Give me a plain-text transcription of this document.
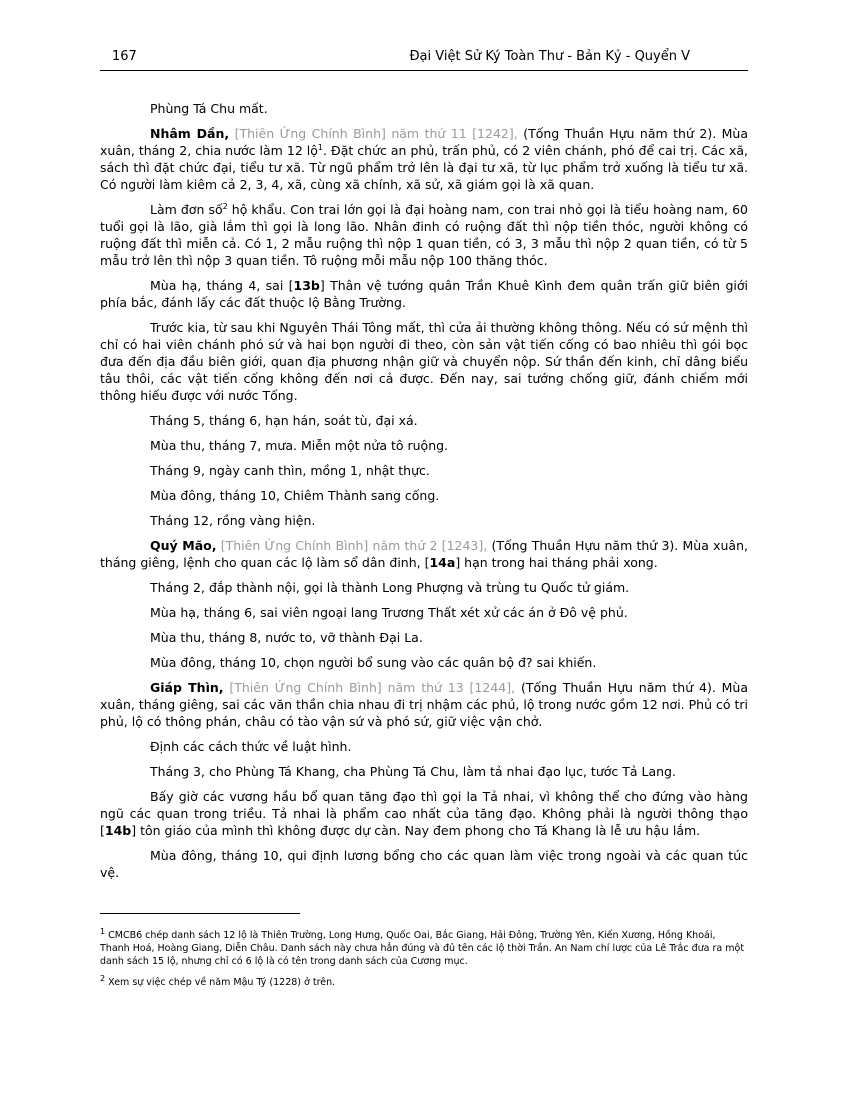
167	Đại Việt Sử Ký Toàn Thư - Bản Kỷ - Quyển V

Phùng Tá Chu mất.

Nhâm Dần, [Thiên Ứng Chính Bình] năm thứ 11 [1242], (Tống Thuần Hựu năm thứ 2). Mùa xuân, tháng 2, chia nước làm 12 lộ$^1$. Đặt chức an phủ, trấn phủ, có 2 viên chánh, phó để cai trị. Các xã, sách thì đặt chức đại, tiểu tư xã. Từ ngũ phẩm trở lên là đại tư xã, từ lục phẩm trở xuống là tiểu tư xã. Có người làm kiêm cả 2, 3, 4, xã, cùng xã chính, xã sử, xã giám gọi là xã quan.

Làm đơn số$^2$ hộ khẩu. Con trai lớn gọi là đại hoàng nam, con trai nhỏ gọi là tiểu hoàng nam, 60 tuổi gọi là lão, già lắm thì gọi là long lão. Nhân đinh có ruộng đất thì nộp tiền thóc, người không có ruộng đất thì miễn cả. Có 1, 2 mẫu ruộng thì nộp 1 quan tiền, có 3, 3 mẫu thì nộp 2 quan tiền, có từ 5 mẫu trở lên thì nộp 3 quan tiền. Tô ruộng mỗi mẫu nộp 100 thăng thóc.

Mùa hạ, tháng 4, sai [13b] Thân vệ tướng quân Trần Khuê Kình đem quân trấn giữ biên giới phía bắc, đánh lấy các đất thuộc lộ Bằng Trường.

Trước kia, từ sau khi Nguyên Thái Tông mất, thì cửa ải thường không thông. Nếu có sứ mệnh thì chỉ có hai viên chánh phó sứ và hai bọn người đi theo, còn sản vật tiến cống có bao nhiêu thì gói bọc đưa đến địa đầu biên giới, quan địa phương nhận giữ và chuyển nộp. Sứ thần đến kinh, chỉ dâng biểu tâu thôi, các vật tiến cống không đến nơi cả được. Đến nay, sai tướng chống giữ, đánh chiếm mới thông hiếu được với nước Tống.

Tháng 5, tháng 6, hạn hán, soát tù, đại xá.

Mùa thu, tháng 7, mưa. Miễn một nửa tô ruộng.

Tháng 9, ngày canh thìn, mồng 1, nhật thực.

Mùa đông, tháng 10, Chiêm Thành sang cống.

Tháng 12, rồng vàng hiện.

Quý Mão, [Thiên Ứng Chính Bình] năm thứ 2 [1243], (Tống Thuần Hựu năm thứ 3). Mùa xuân, tháng giêng, lệnh cho quan các lộ làm sổ dân đinh, [14a] hạn trong hai tháng phải xong.

Tháng 2, đắp thành nội, gọi là thành Long Phượng và trùng tu Quốc tử giám.

Mùa hạ, tháng 6, sai viên ngoại lang Trương Thất xét xử các án ở Đô vệ phủ.

Mùa thu, tháng 8, nước to, vỡ thành Đại La.

Mùa đông, tháng 10, chọn người bổ sung vào các quân bộ đ? sai khiến.

Giáp Thìn, [Thiên Ứng Chính Bình] năm thứ 13 [1244], (Tống Thuần Hựu năm thứ 4). Mùa xuân, tháng giêng, sai các văn thần chia nhau đi trị nhậm các phủ, lộ trong nước gồm 12 nơi. Phủ có tri phủ, lộ có thông phán, châu có tào vận sứ và phó sứ, giữ việc vận chở.

Định các cách thức về luật hình.

Tháng 3, cho Phùng Tá Khang, cha Phùng Tá Chu, làm tả nhai đạo lục, tước Tả Lang.

Bấy giờ các vương hầu bổ quan tăng đạo thì gọi la Tả nhai, vì không thể cho đứng vào hàng ngũ các quan trong triều. Tả nhai là phẩm cao nhất của tăng đạo. Không phải là người thông thạo [14b] tôn giáo của mình thì không được dự càn. Nay đem phong cho Tá Khang là lễ ưu hậu lắm.

Mùa đông, tháng 10, qui định lương bổng cho các quan làm việc trong ngoài và các quan túc vệ.

$^1$ CMCB6 chép danh sách 12 lộ là Thiên Trường, Long Hưng, Quốc Oai, Bắc Giang, Hải Đông, Trường Yên, Kiến Xương, Hồng Khoái, Thanh Hoá, Hoàng Giang, Diễn Châu. Danh sách này chưa hẳn đúng và đủ tên các lộ thời Trần. An Nam chí lược của Lê Trắc đưa ra một danh sách 15 lộ, nhưng chỉ có 6 lộ là có tên trong danh sách của Cương mục.

$^2$ Xem sự việc chép về năm Mậu Tý (1228) ở trên.
